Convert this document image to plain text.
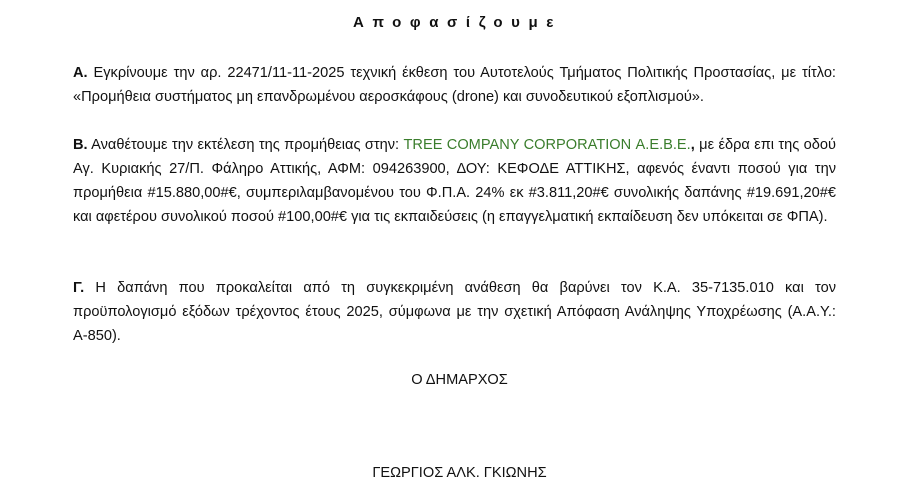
Αποφασίζουμε
Α. Εγκρίνουμε την αρ. 22471/11-11-2025 τεχνική έκθεση του Αυτοτελούς Τμήματος Πολιτικής Προστασίας, με τίτλο: «Προμήθεια συστήματος μη επανδρωμένου αεροσκάφους (drone) και συνοδευτικού εξοπλισμού».
Β. Αναθέτουμε την εκτέλεση της προμήθειας στην: TREE COMPANY CORPORATION Α.Ε.Β.Ε., με έδρα επι της οδού Αγ. Κυριακής 27/Π. Φάληρο Αττικής, ΑΦΜ: 094263900, ΔΟΥ: ΚΕΦΟΔΕ ΑΤΤΙΚΗΣ, αφενός έναντι ποσού για την προμήθεια #15.880,00#€, συμπεριλαμβανομένου του Φ.Π.Α. 24% εκ #3.811,20#€ συνολικής δαπάνης #19.691,20#€ και αφετέρου συνολικού ποσού #100,00#€ για τις εκπαιδεύσεις (η επαγγελματική εκπαίδευση δεν υπόκειται σε ΦΠΑ).
Γ. Η δαπάνη που προκαλείται από τη συγκεκριμένη ανάθεση θα βαρύνει τον Κ.Α. 35-7135.010 και τον προϋπολογισμό εξόδων τρέχοντος έτους 2025, σύμφωνα με την σχετική Απόφαση Ανάληψης Υποχρέωσης (Α.Α.Υ.: Α-850).
Ο ΔΗΜΑΡΧΟΣ
ΓΕΩΡΓΙΟΣ ΑΛΚ. ΓΚΙΩΝΗΣ
